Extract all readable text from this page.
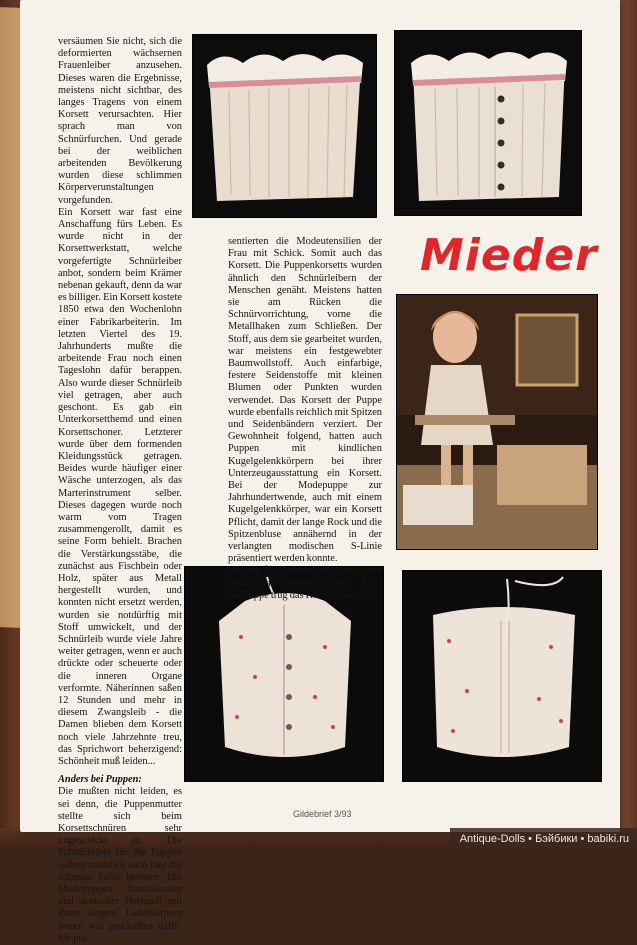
Mieder

versäumen Sie nicht, sich die deformierten wächsernen Frauenleiber anzusehen. Dieses waren die Ergebnisse, meistens nicht sichtbar, des langes Tragens von einem Korsett verursachten. Hier sprach man von Schnürfurchen. Und gerade bei der weiblichen arbeitenden Bevölkerung wurden diese schlimmen Körperverunstaltungen vorgefunden.

Ein Korsett war fast eine Anschaffung fürs Leben. Es wurde nicht in der Korsettwerkstatt, welche vorgefertigte Schnürleiber anbot, sondern beim Krämer nebenan gekauft, denn da war es billiger. Ein Korsett kostete 1850 etwa den Wochenlohn einer Fabrikarbeiterin. Im letzten Viertel des 19. Jahrhunderts mußte die arbeitende Frau noch einen Tageslohn dafür berappen. Also wurde dieser Schnürleib viel getragen, aber auch geschont. Es gab ein Unterkorsetthemd und einen Korsettschoner. Letzterer wurde über dem formenden Kleidungsstück getragen. Beides wurde häufiger einer Wäsche unterzogen, als das Marterinstrument selber. Dieses dagegen wurde noch warm vom Tragen zusammengerollt, damit es seine Form behielt. Brachen die Verstärkungsstäbe, die zunächst aus Fischbein oder Holz, später aus Metall hergestellt wurden, und konnten nicht ersetzt werden, wurden sie notdürftig mit Stoff umwickelt, und der Schnürleib wurde viele Jahre weiter getragen, wenn er auch drückte oder scheuerte oder die inneren Organe verformte. Näherinnen saßen 12 Stunden und mehr in diesem Zwangsleib - die Damen blieben dem Korsett noch viele Jahrzehnte treu, das Sprichwort beherzigend: Schönheit muß leiden...

Anders bei Puppen:

Die mußten nicht leiden, es sei denn, die Puppenmutter stellte sich beim Korsettschnüren sehr ungeschickt an. Die Schnürleiber für die Puppen sollten natürlich auch hier die schmale Taille betonen. Die Modepuppen französischer und deutscher Herkunft mit ihren langen Lederkörpern waren wie geschaffen dafür. Sie prä-

sentierten die Modeutensilien der Frau mit Schick. Somit auch das Korsett. Die Puppenkorsetts wurden ähnlich den Schnürleibern der Menschen genäht. Meistens hatten sie am Rücken die Schnürvorrichtung, vorne die Metallhaken zum Schließen. Der Stoff, aus dem sie gearbeitet wurden, war meistens ein festgewebter Baumwollstoff. Auch einfarbige, festere Seidenstoffe mit kleinen Blumen oder Punkten wurden verwendet. Das Korsett der Puppe wurde ebenfalls reichlich mit Spitzen und Seidenbändern verziert. Der Gewohnheit folgend, hatten auch Puppen mit kindlichen Kugelgelenkkörpern bei ihrer Unterzeugausstattung ein Korsett. Bei der Modepuppe zur Jahrhundertwende, auch mit einem Kugelgelenkkörper, war ein Korsett Pflicht, damit der lange Rock und die Spitzenbluse annähernd in der verlangten modischen S-Linie präsentiert werden konnte.

Wichtig für Puppenmacherinnen, die detailgenau arbeiten wollen: Auch die Puppe trug das Korsett über dem

Gildebrief 3/93
Antique-Dolls • Бэйбики • babiki.ru
